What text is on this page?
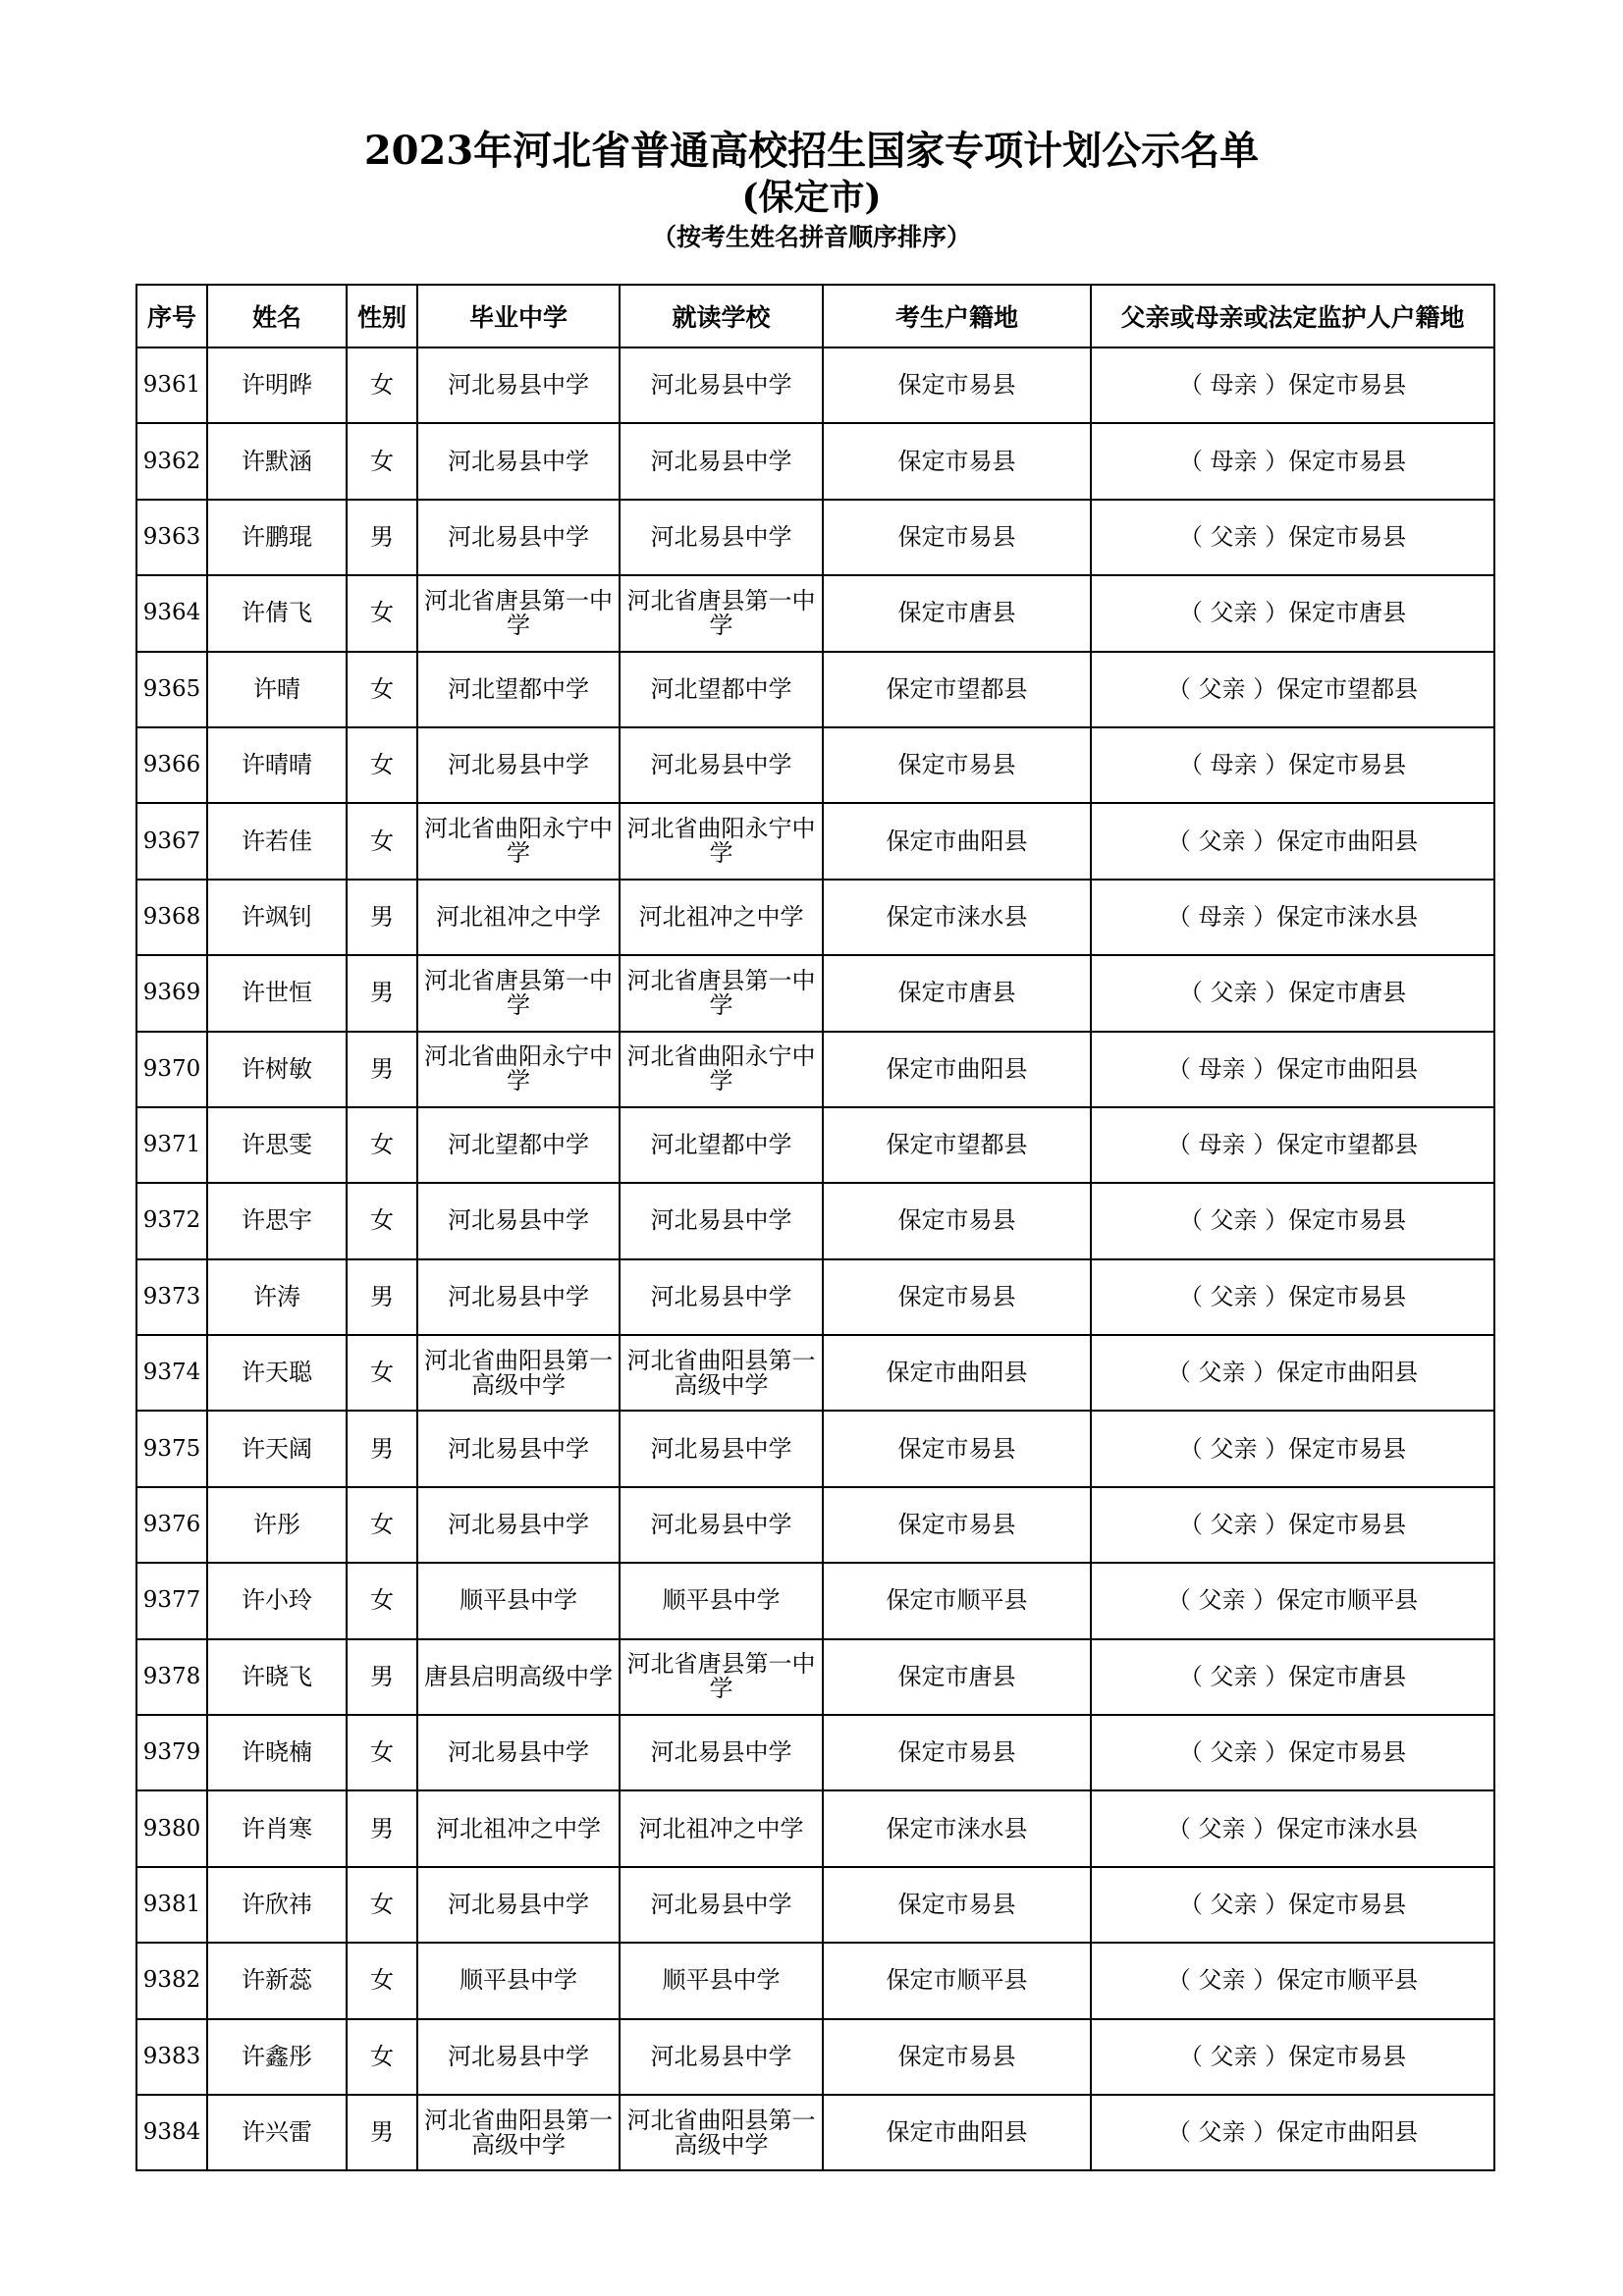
2023年河北省普通高校招生国家专项计划公示名单
(保定市)
（按考生姓名拼音顺序排序）
序号	姓名	性别	毕业中学	就读学校	考生户籍地	父亲或母亲或法定监护人户籍地
9361	许明晔	女	河北易县中学	河北易县中学	保定市易县	（ 母亲 ）保定市易县
9362	许默涵	女	河北易县中学	河北易县中学	保定市易县	（ 母亲 ）保定市易县
9363	许鹏琨	男	河北易县中学	河北易县中学	保定市易县	（ 父亲 ）保定市易县
9364	许倩飞	女	河北省唐县第一中学	河北省唐县第一中学	保定市唐县	（ 父亲 ）保定市唐县
9365	许晴	女	河北望都中学	河北望都中学	保定市望都县	（ 父亲 ）保定市望都县
9366	许晴晴	女	河北易县中学	河北易县中学	保定市易县	（ 母亲 ）保定市易县
9367	许若佳	女	河北省曲阳永宁中学	河北省曲阳永宁中学	保定市曲阳县	（ 父亲 ）保定市曲阳县
9368	许飒钊	男	河北祖冲之中学	河北祖冲之中学	保定市涞水县	（ 母亲 ）保定市涞水县
9369	许世恒	男	河北省唐县第一中学	河北省唐县第一中学	保定市唐县	（ 父亲 ）保定市唐县
9370	许树敏	男	河北省曲阳永宁中学	河北省曲阳永宁中学	保定市曲阳县	（ 母亲 ）保定市曲阳县
9371	许思雯	女	河北望都中学	河北望都中学	保定市望都县	（ 母亲 ）保定市望都县
9372	许思宇	女	河北易县中学	河北易县中学	保定市易县	（ 父亲 ）保定市易县
9373	许涛	男	河北易县中学	河北易县中学	保定市易县	（ 父亲 ）保定市易县
9374	许天聪	女	河北省曲阳县第一高级中学	河北省曲阳县第一高级中学	保定市曲阳县	（ 父亲 ）保定市曲阳县
9375	许天阔	男	河北易县中学	河北易县中学	保定市易县	（ 父亲 ）保定市易县
9376	许彤	女	河北易县中学	河北易县中学	保定市易县	（ 父亲 ）保定市易县
9377	许小玲	女	顺平县中学	顺平县中学	保定市顺平县	（ 父亲 ）保定市顺平县
9378	许晓飞	男	唐县启明高级中学	河北省唐县第一中学	保定市唐县	（ 父亲 ）保定市唐县
9379	许晓楠	女	河北易县中学	河北易县中学	保定市易县	（ 父亲 ）保定市易县
9380	许肖寒	男	河北祖冲之中学	河北祖冲之中学	保定市涞水县	（ 父亲 ）保定市涞水县
9381	许欣祎	女	河北易县中学	河北易县中学	保定市易县	（ 父亲 ）保定市易县
9382	许新蕊	女	顺平县中学	顺平县中学	保定市顺平县	（ 父亲 ）保定市顺平县
9383	许鑫彤	女	河北易县中学	河北易县中学	保定市易县	（ 父亲 ）保定市易县
9384	许兴雷	男	河北省曲阳县第一高级中学	河北省曲阳县第一高级中学	保定市曲阳县	（ 父亲 ）保定市曲阳县
